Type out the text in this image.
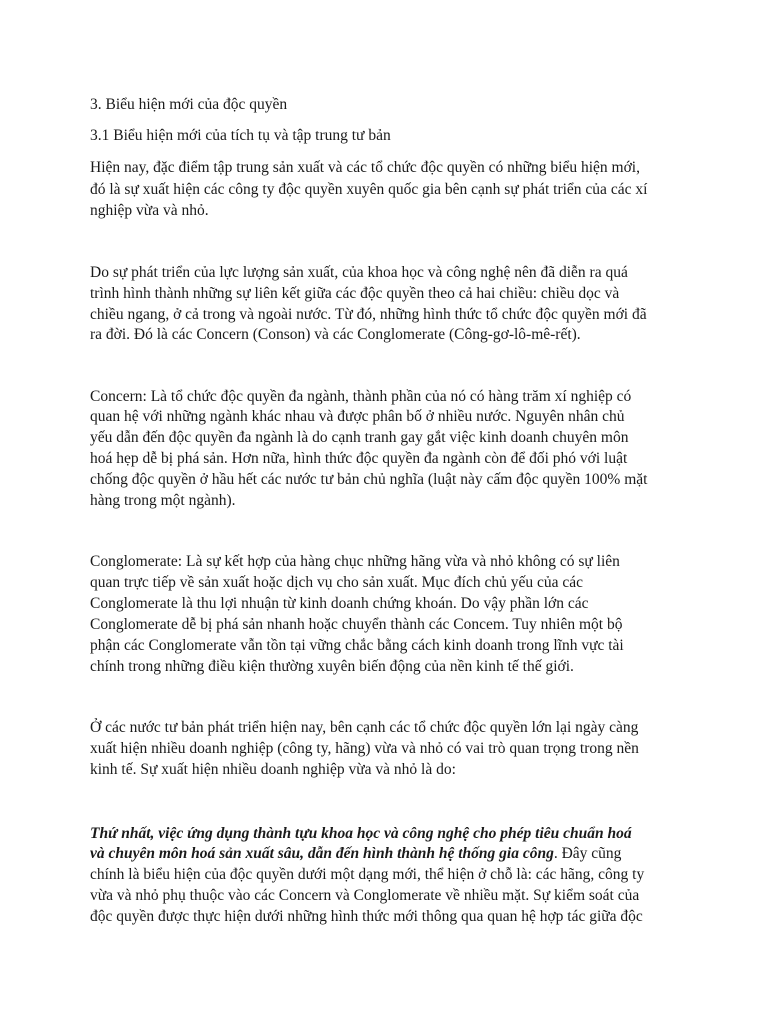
3. Biểu hiện mới của độc quyền

3.1 Biểu hiện mới của tích tụ và tập trung tư bản

Hiện nay, đặc điểm tập trung sản xuất và các tổ chức độc quyền có những biểu hiện mới,

đó là sự xuất hiện các công ty độc quyền xuyên quốc gia bên cạnh sự phát triển của các xí

nghiệp vừa và nhỏ.

Do sự phát triển của lực lượng sản xuất, của khoa học và công nghệ nên đã diễn ra quá

trình hình thành những sự liên kết giữa các độc quyền theo cả hai chiều: chiều dọc và

chiều ngang, ở cả trong và ngoài nước. Từ đó, những hình thức tổ chức độc quyền mới đã

ra đời. Đó là các Concern (Conson) và các Conglomerate (Công-gơ-lô-mê-rết).

Concern: Là tổ chức độc quyền đa ngành, thành phần của nó có hàng trăm xí nghiệp có

quan hệ với những ngành khác nhau và được phân bố ở nhiều nước. Nguyên nhân chủ

yếu dẫn đến độc quyền đa ngành là do cạnh tranh gay gắt việc kinh doanh chuyên môn

hoá hẹp dễ bị phá sản. Hơn nữa, hình thức độc quyền đa ngành còn để đối phó với luật

chống độc quyền ở hầu hết các nước tư bản chủ nghĩa (luật này cấm độc quyền 100% mặt

hàng trong một ngành).

Conglomerate: Là sự kết hợp của hàng chục những hãng vừa và nhỏ không có sự liên

quan trực tiếp về sản xuất hoặc dịch vụ cho sản xuất. Mục đích chủ yếu của các

Conglomerate là thu lợi nhuận từ kinh doanh chứng khoán. Do vậy phần lớn các

Conglomerate dễ bị phá sản nhanh hoặc chuyển thành các Concem. Tuy nhiên một bộ

phận các Conglomerate vẫn tồn tại vững chắc bằng cách kinh doanh trong lĩnh vực tài

chính trong những điều kiện thường xuyên biến động của nền kinh tế thế giới.

Ở các nước tư bản phát triển hiện nay, bên cạnh các tổ chức độc quyền lớn lại ngày càng

xuất hiện nhiều doanh nghiệp (công ty, hãng) vừa và nhỏ có vai trò quan trọng trong nền

kinh tế. Sự xuất hiện nhiều doanh nghiệp vừa và nhỏ là do:

Thứ nhất, việc ứng dụng thành tựu khoa học và công nghệ cho phép tiêu chuẩn hoá

và chuyên môn hoá sản xuất sâu, dẫn đến hình thành hệ thống gia công. Đây cũng

chính là biểu hiện của độc quyền dưới một dạng mới, thể hiện ở chỗ là: các hãng, công ty

vừa và nhỏ phụ thuộc vào các Concern và Conglomerate về nhiều mặt. Sự kiểm soát của

độc quyền được thực hiện dưới những hình thức mới thông qua quan hệ hợp tác giữa độc
